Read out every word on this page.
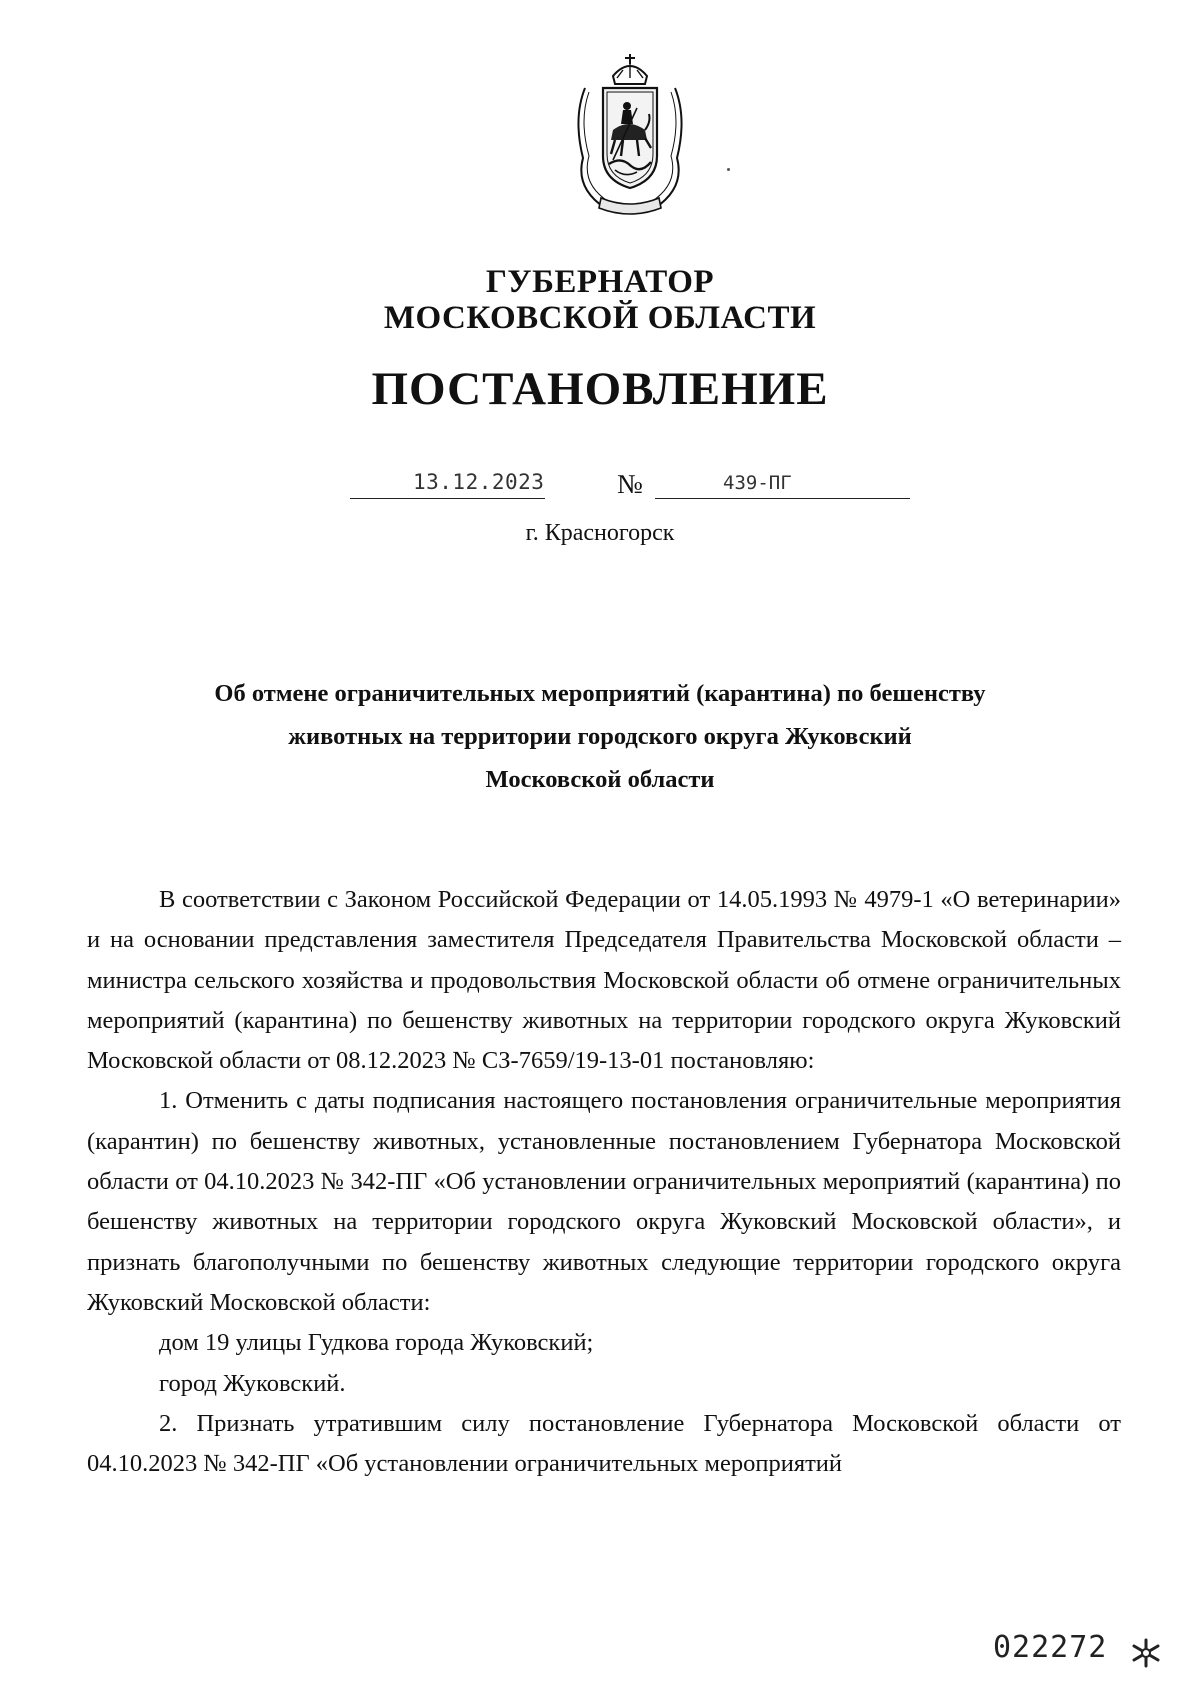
ГУБЕРНАТОР
МОСКОВСКОЙ ОБЛАСТИ
ПОСТАНОВЛЕНИЕ
13.12.2023	№	439-ПГ
г. Красногорск
Об отмене ограничительных мероприятий (карантина) по бешенству
животных на территории городского округа Жуковский
Московской области

В соответствии с Законом Российской Федерации от 14.05.1993 № 4979-1 «О ветеринарии» и на основании представления заместителя Председателя Правительства Московской области – министра сельского хозяйства и продовольствия Московской области об отмене ограничительных мероприятий (карантина) по бешенству животных на территории городского округа Жуковский Московской области от 08.12.2023 № СЗ-7659/19-13-01 постановляю:

1. Отменить с даты подписания настоящего постановления ограничительные мероприятия (карантин) по бешенству животных, установленные постановлением Губернатора Московской области от 04.10.2023 № 342-ПГ «Об установлении ограничительных мероприятий (карантина) по бешенству животных на территории городского округа Жуковский Московской области», и признать благополучными по бешенству животных следующие территории городского округа Жуковский Московской области:

дом 19 улицы Гудкова города Жуковский;

город Жуковский.

2. Признать утратившим силу постановление Губернатора Московской области от 04.10.2023 № 342-ПГ «Об установлении ограничительных мероприятий

022272
